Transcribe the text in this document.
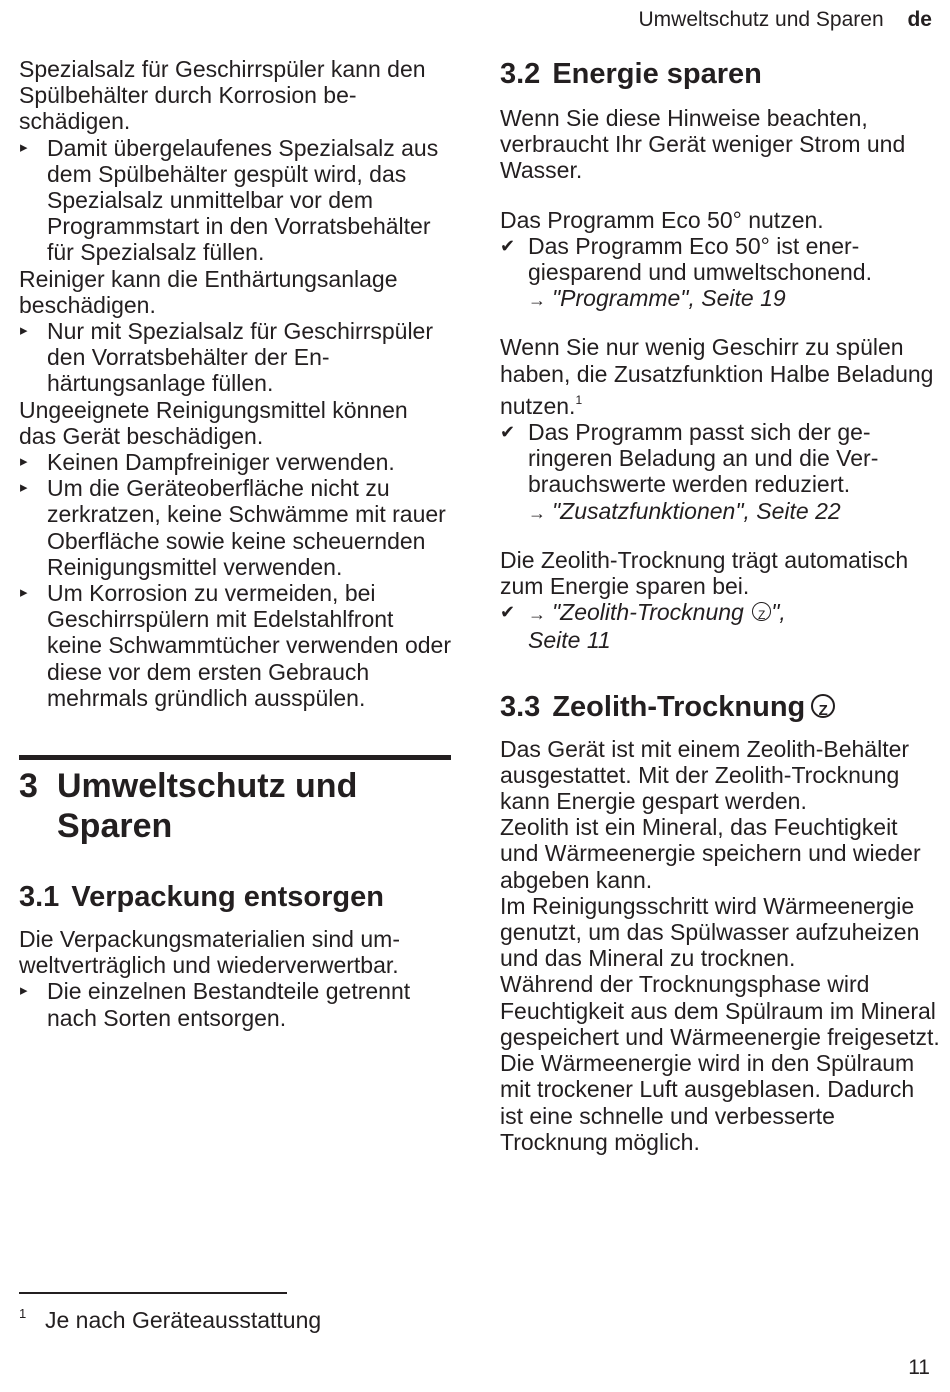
Umweltschutz und Sparen de

Spezialsalz für Geschirrspüler kann den Spülbehälter durch Korrosion beschädigen.

▸ Damit übergelaufenes Spezialsalz aus dem Spülbehälter gespült wird, das Spezialsalz unmittelbar vor dem Programmstart in den Vorratsbehälter für Spezialsalz füllen.

Reiniger kann die Enthärtungsanlage beschädigen.

▸ Nur mit Spezialsalz für Geschirrspüler den Vorratsbehälter der Enhärtungsanlage füllen.

Ungeeignete Reinigungsmittel können das Gerät beschädigen.

▸ Keinen Dampfreiniger verwenden.
▸ Um die Geräteoberfläche nicht zu zerkratzen, keine Schwämme mit rauer Oberfläche sowie keine scheuernden Reinigungsmittel verwenden.
▸ Um Korrosion zu vermeiden, bei Geschirrspülern mit Edelstahlfront keine Schwammtücher verwenden oder diese vor dem ersten Gebrauch mehrmals gründlich ausspülen.
3 Umweltschutz und Sparen
3.1 Verpackung entsorgen

Die Verpackungsmaterialien sind umweltverträglich und wiederverwertbar.

▸ Die einzelnen Bestandteile getrennt nach Sorten entsorgen.
3.2 Energie sparen

Wenn Sie diese Hinweise beachten, verbraucht Ihr Gerät weniger Strom und Wasser.

Das Programm Eco 50° nutzen.

✔ Das Programm Eco 50° ist energiesparend und umweltschonend.
→ "Programme", Seite 19

Wenn Sie nur wenig Geschirr zu spülen haben, die Zusatzfunktion Halbe Beladung nutzen.$^1$

✔ Das Programm passt sich der geringeren Beladung an und die Verbrauchswerte werden reduziert.
→ "Zusatzfunktionen", Seite 22

Die Zeolith-Trocknung trägt automatisch zum Energie sparen bei.

✔ → "Zeolith-Trocknung Z ",
Seite 11
3.3 Zeolith-TrocknungZ

Das Gerät ist mit einem Zeolith-Behälter ausgestattet. Mit der Zeolith-Trocknung kann Energie gespart werden.

Zeolith ist ein Mineral, das Feuchtigkeit und Wärmeenergie speichern und wieder abgeben kann.

Im Reinigungsschritt wird Wärmeenergie genutzt, um das Spülwasser aufzuheizen und das Mineral zu trocknen.

Während der Trocknungsphase wird Feuchtigkeit aus dem Spülraum im Mineral gespeichert und Wärmeenergie freigesetzt. Die Wärmeenergie wird in den Spülraum mit trockener Luft ausgeblasen. Dadurch ist eine schnelle und verbesserte Trocknung möglich.

1 Je nach Geräteausstattung
11
